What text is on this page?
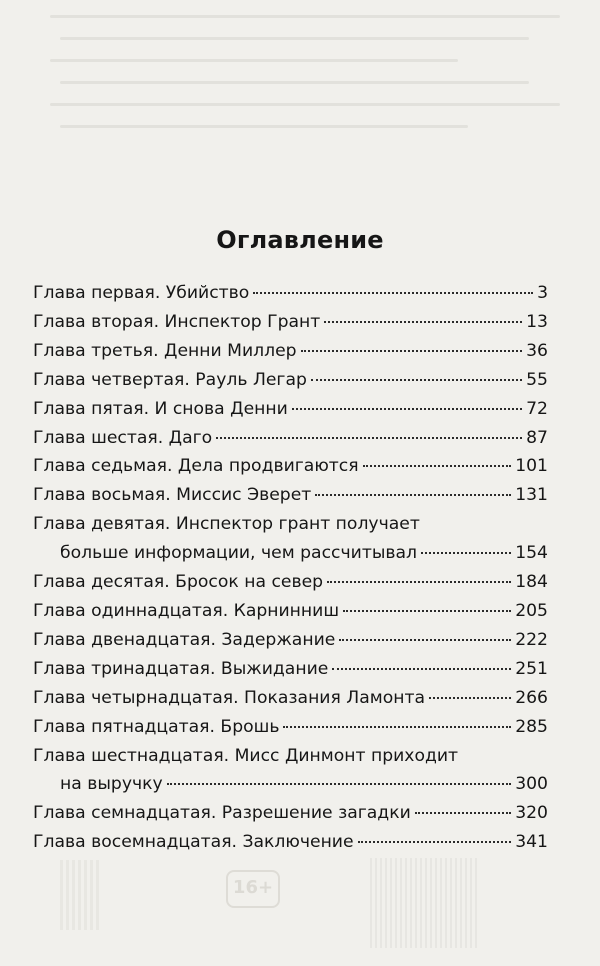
Оглавление
Глава первая. Убийство	3
Глава вторая. Инспектор Грант	13
Глава третья. Денни Миллер	36
Глава четвертая. Рауль Легар	55
Глава пятая. И снова Денни	72
Глава шестая. Даго	87
Глава седьмая. Дела продвигаются	101
Глава восьмая. Миссис Эверет	131
Глава девятая. Инспектор грант получает
больше информации, чем рассчитывал	154
Глава десятая. Бросок на север	184
Глава одиннадцатая. Карнинниш	205
Глава двенадцатая. Задержание	222
Глава тринадцатая. Выжидание	251
Глава четырнадцатая. Показания Ламонта	266
Глава пятнадцатая. Брошь	285
Глава шестнадцатая. Мисс Динмонт приходит
на выручку	300
Глава семнадцатая. Разрешение загадки	320
Глава восемнадцатая. Заключение	341
16+
